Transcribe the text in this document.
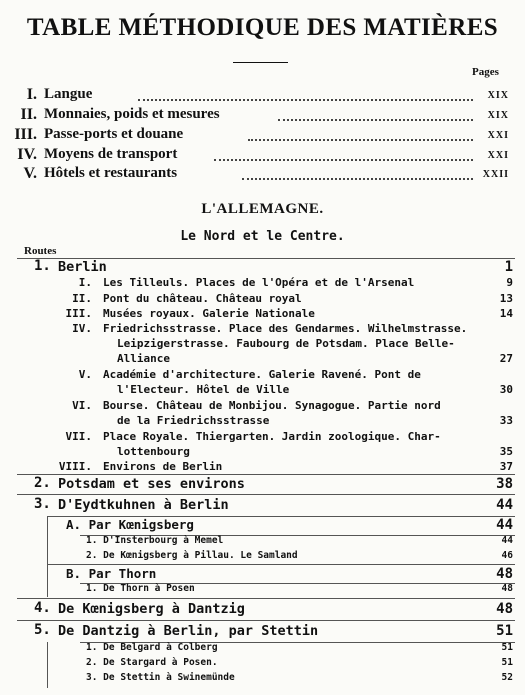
TABLE MÉTHODIQUE DES MATIÈRES
Pages
I. Langue	XIX
II. Monnaies, poids et mesures	XIX
III. Passe-ports et douane	XXI
IV. Moyens de transport	XXI
V. Hôtels et restaurants	XXII
L'ALLEMAGNE.
Le Nord et le Centre.
Routes
1. Berlin	1
I. Les Tilleuls. Places de l'Opéra et de l'Arsenal	9
II. Pont du château. Château royal	13
III. Musées royaux. Galerie Nationale	14
IV. Friedrichsstrasse. Place des Gendarmes. Wilhelmstrasse.
Leipzigerstrasse. Faubourg de Potsdam. Place Belle-
Alliance	27
V. Académie d'architecture. Galerie Ravené. Pont de
l'Electeur. Hôtel de Ville	30
VI. Bourse. Château de Monbijou. Synagogue. Partie nord
de la Friedrichsstrasse	33
VII. Place Royale. Thiergarten. Jardin zoologique. Char-
lottenbourg	35
VIII. Environs de Berlin	37
2. Potsdam et ses environs	38
3. D'Eydtkuhnen à Berlin	44
A. Par Kœnigsberg	44
1. D'Insterbourg à Memel	44
2. De Kœnigsberg à Pillau. Le Samland	46
B. Par Thorn	48
1. De Thorn à Posen	48
4. De Kœnigsberg à Dantzig	48
5. De Dantzig à Berlin, par Stettin	51
1. De Belgard à Colberg	51
2. De Stargard à Posen.	51
3. De Stettin à Swinemünde	52
